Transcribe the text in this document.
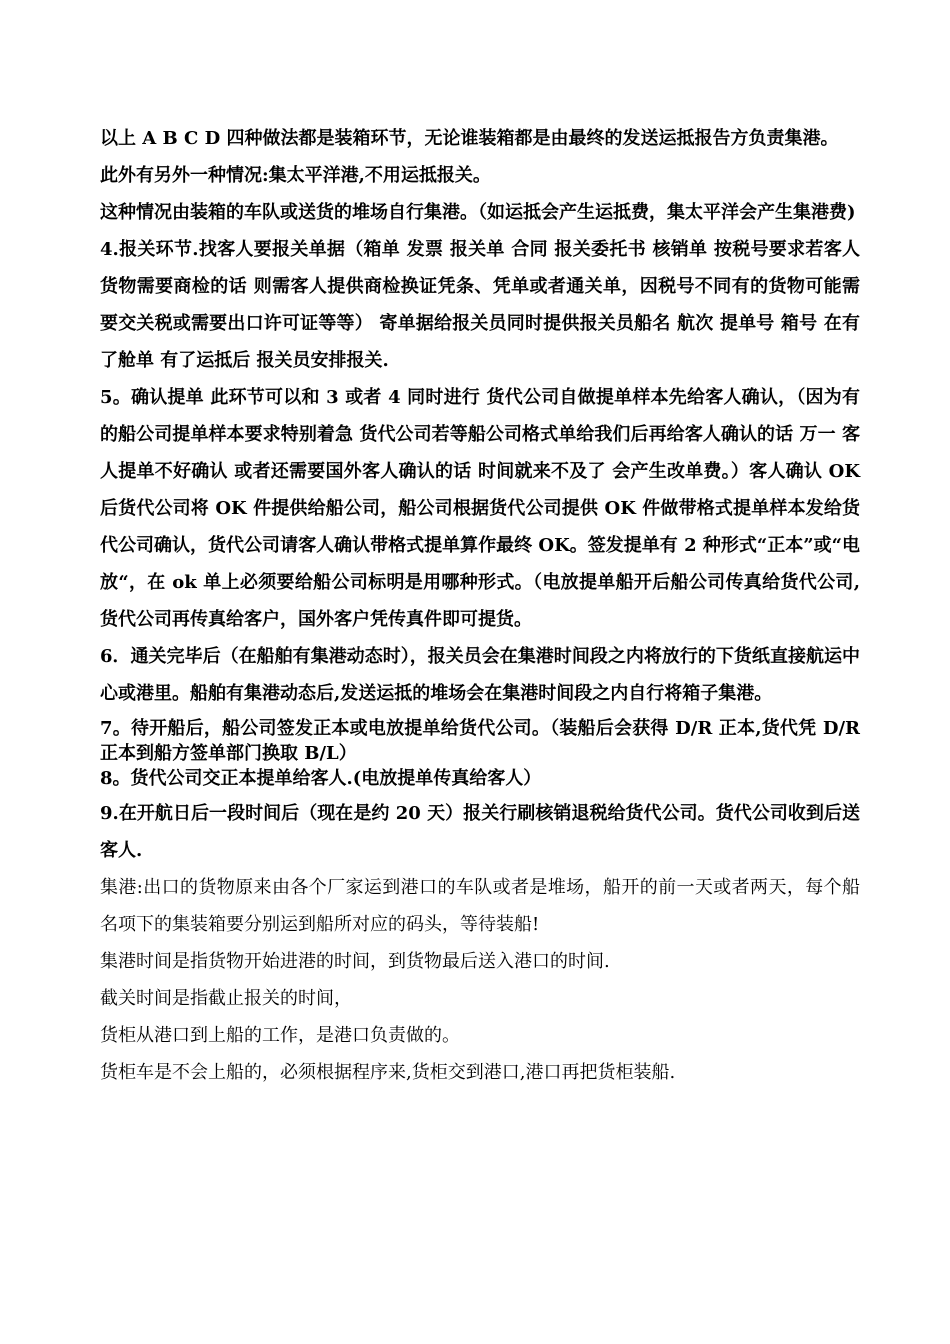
以上 A B C D 四种做法都是装箱环节，无论谁装箱都是由最终的发送运抵报告方负责集港。

此外有另外一种情况:集太平洋港,不用运抵报关。

这种情况由装箱的车队或送货的堆场自行集港。（如运抵会产生运抵费，集太平洋会产生集港费)

4.报关环节.找客人要报关单据（箱单 发票 报关单 合同 报关委托书 核销单 按税号要求若客人货物需要商检的话 则需客人提供商检换证凭条、凭单或者通关单，因税号不同有的货物可能需要交关税或需要出口许可证等等） 寄单据给报关员同时提供报关员船名 航次 提单号 箱号 在有了舱单 有了运抵后 报关员安排报关.

5。确认提单 此环节可以和 3 或者 4 同时进行 货代公司自做提单样本先给客人确认，（因为有的船公司提单样本要求特别着急 货代公司若等船公司格式单给我们后再给客人确认的话 万一 客人提单不好确认 或者还需要国外客人确认的话 时间就来不及了 会产生改单费。）客人确认 OK 后货代公司将 OK 件提供给船公司，船公司根据货代公司提供 OK 件做带格式提单样本发给货代公司确认，货代公司请客人确认带格式提单算作最终 OK。签发提单有 2 种形式“正本”或“电放“，在 ok 单上必须要给船公司标明是用哪种形式。（电放提单船开后船公司传真给货代公司,货代公司再传真给客户，国外客户凭传真件即可提货。

6．通关完毕后（在船舶有集港动态时），报关员会在集港时间段之内将放行的下货纸直接航运中心或港里。船舶有集港动态后,发送运抵的堆场会在集港时间段之内自行将箱子集港。

7。待开船后，船公司签发正本或电放提单给货代公司。（装船后会获得 D/R 正本,货代凭 D/R 正本到船方签单部门换取 B/L）

8。货代公司交正本提单给客人.(电放提单传真给客人）

9.在开航日后一段时间后（现在是约 20 天）报关行刷核销退税给货代公司。货代公司收到后送客人.

集港:出口的货物原来由各个厂家运到港口的车队或者是堆场，船开的前一天或者两天，每个船名项下的集装箱要分别运到船所对应的码头，等待装船!

集港时间是指货物开始进港的时间，到货物最后送入港口的时间.

截关时间是指截止报关的时间，

货柜从港口到上船的工作，是港口负责做的。

货柜车是不会上船的，必须根据程序来,货柜交到港口,港口再把货柜装船.
